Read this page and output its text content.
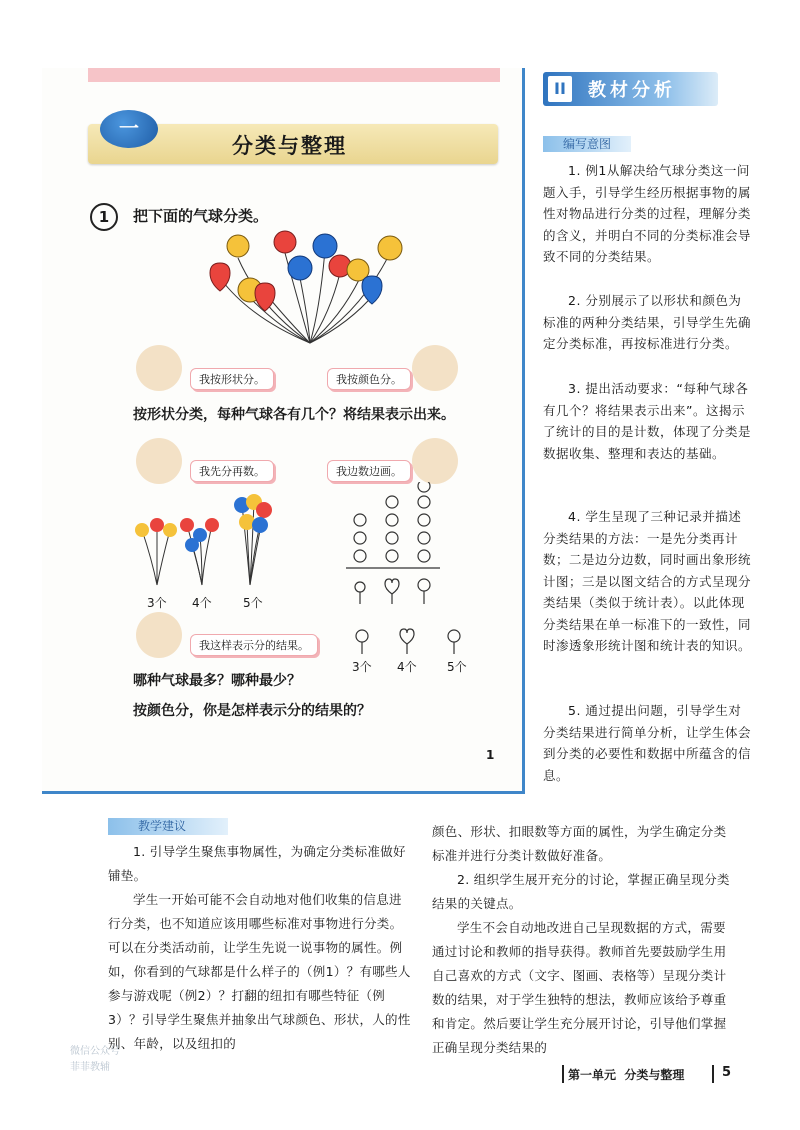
一
分类与整理
1	把下面的气球分类。
我按形状分。	我按颜色分。
按形状分类，每种气球各有几个？将结果表示出来。
我先分再数。	我边数边画。
3个 4个	5个
我这样表示分的结果。
3个 4个	5个
哪种气球最多？哪种最少？
按颜色分，你是怎样表示分的结果的？
1
II	教材分析
编写意图

1. 例1从解决给气球分类这一问题入手，引导学生经历根据事物的属性对物品进行分类的过程，理解分类的含义，并明白不同的分类标准会导致不同的分类结果。

2. 分别展示了以形状和颜色为标准的两种分类结果，引导学生先确定分类标准，再按标准进行分类。

3. 提出活动要求：“每种气球各有几个？将结果表示出来”。这揭示了统计的目的是计数，体现了分类是数据收集、整理和表达的基础。

4. 学生呈现了三种记录并描述分类结果的方法：一是先分类再计数；二是边分边数，同时画出象形统计图；三是以图文结合的方式呈现分类结果（类似于统计表）。以此体现分类结果在单一标准下的一致性，同时渗透象形统计图和统计表的知识。

5. 通过提出问题，引导学生对分类结果进行简单分析，让学生体会到分类的必要性和数据中所蕴含的信息。

教学建议

1. 引导学生聚焦事物属性，为确定分类标准做好铺垫。

学生一开始可能不会自动地对他们收集的信息进行分类，也不知道应该用哪些标准对事物进行分类。可以在分类活动前，让学生先说一说事物的属性。例如，你看到的气球都是什么样子的（例1）？有哪些人参与游戏呢（例2）？打翻的纽扣有哪些特征（例3）？引导学生聚焦并抽象出气球颜色、形状，人的性别、年龄，以及纽扣的

颜色、形状、扣眼数等方面的属性，为学生确定分类标准并进行分类计数做好准备。

2. 组织学生展开充分的讨论，掌握正确呈现分类结果的关键点。

学生不会自动地改进自己呈现数据的方式，需要通过讨论和教师的指导获得。教师首先要鼓励学生用自己喜欢的方式（文字、图画、表格等）呈现分类计数的结果，对于学生独特的想法，教师应该给予尊重和肯定。然后要让学生充分展开讨论，引导他们掌握正确呈现分类结果的

第一单元 分类与整理	5
微信公众号
菲菲教辅
